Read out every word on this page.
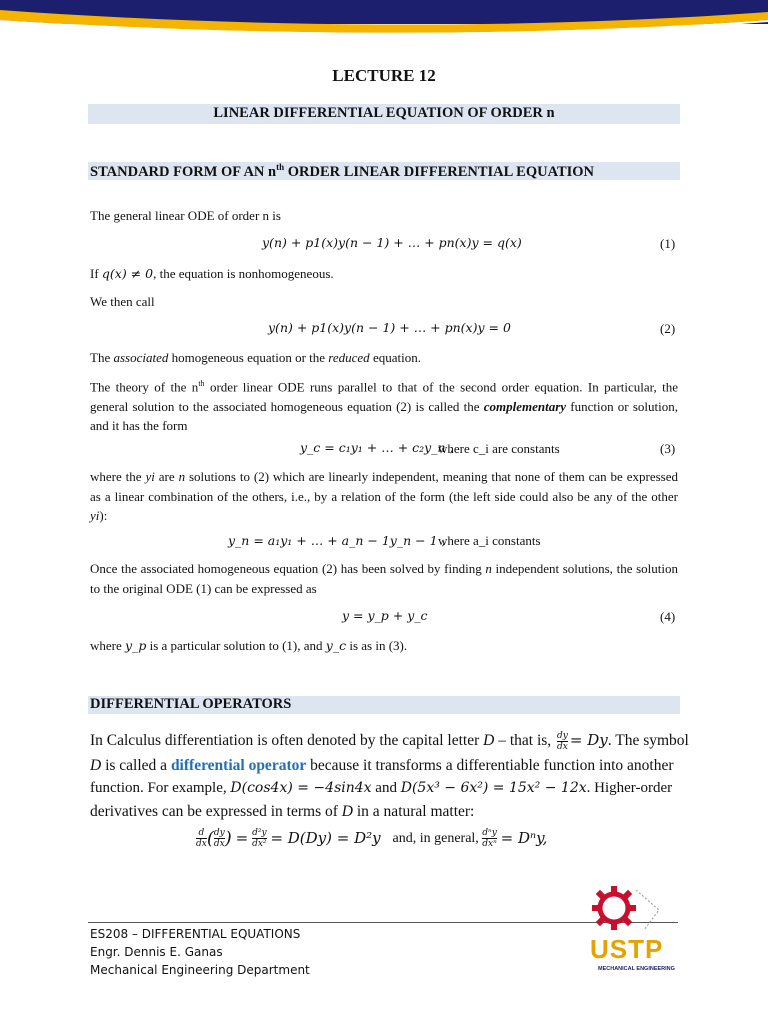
LECTURE 12
LINEAR DIFFERENTIAL EQUATION OF ORDER n
STANDARD FORM OF AN $n^{th}$ ORDER LINEAR DIFFERENTIAL EQUATION
The general linear ODE of order n is
y(n) + p1(x)y(n − 1) + … + pn(x)y = q(x)	(1)
If q(x) ≠ 0, the equation is nonhomogeneous.
We then call
y(n) + p1(x)y(n − 1) + … + pn(x)y = 0	(2)
The associated homogeneous equation or the reduced equation.
The theory of the $n^{th}$ order linear ODE runs parallel to that of the second order equation. In particular, the general solution to the associated homogeneous equation (2) is called the complementary function or solution, and it has the form
y_c = c₁y₁ + … + c₂y_n ,
where c_i are constants	(3)
where the yi are n solutions to (2) which are linearly independent, meaning that none of them can be expressed as a linear combination of the others, i.e., by a relation of the form (the left side could also be any of the other yi):
y_n = a₁y₁ + … + a_n − 1y_n − 1 ,
where a_i constants
Once the associated homogeneous equation (2) has been solved by finding n independent solutions, the solution to the original ODE (1) can be expressed as
y = y_p + y_c	(4)
where y_p is a particular solution to (1), and y_c is as in (3).
DIFFERENTIAL OPERATORS
In Calculus differentiation is often denoted by the capital letter D – that is, $\frac{dy}{dx} = Dy$. The symbol
D is called a differential operator because it transforms a differentiable function into another
function. For example, D(cos4x) = −4sin4x and D(5x³ − 6x²) = 15x² − 12x. Higher-order
derivatives can be expressed in terms of D in a natural matter:
$\frac{d}{dx}$ ( $\frac{dy}{dx}$ ) = $\frac{\text{d²y}}{\text{dx²}} = D(Dy) = D^2y$ and, in general, dⁿy
dxⁿ = Dⁿy,
ES208 – DIFFERENTIAL EQUATIONS
Engr. Dennis E. Ganas
Mechanical Engineering Department
USTP
MECHANICAL ENGINEERING
